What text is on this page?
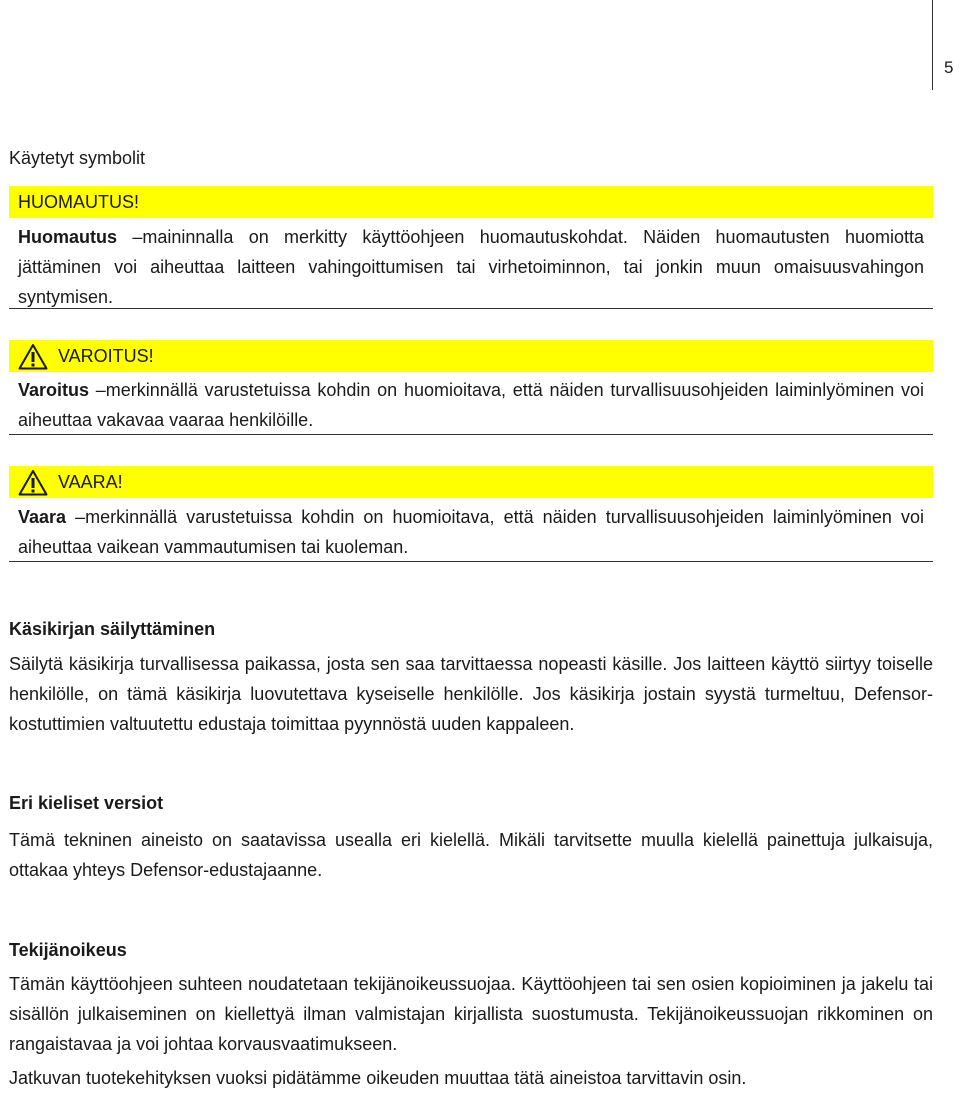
5
Käytetyt symbolit
HUOMAUTUS!
Huomautus –maininnalla on merkitty käyttöohjeen huomautuskohdat. Näiden huomautusten huomiotta jättäminen voi aiheuttaa laitteen vahingoittumisen tai virhetoiminnon, tai jonkin muun omaisuusvahingon syntymisen.
VAROITUS!
Varoitus –merkinnällä varustetuissa kohdin on huomioitava, että näiden turvallisuusohjeiden laiminlyöminen voi aiheuttaa vakavaa vaaraa henkilöille.
VAARA!
Vaara –merkinnällä varustetuissa kohdin on huomioitava, että näiden turvallisuusohjeiden laiminlyöminen voi aiheuttaa vaikean vammautumisen tai kuoleman.
Käsikirjan säilyttäminen

Säilytä käsikirja turvallisessa paikassa, josta sen saa tarvittaessa nopeasti käsille. Jos laitteen käyttö siirtyy toiselle henkilölle, on tämä käsikirja luovutettava kyseiselle henkilölle. Jos käsikirja jostain syystä turmeltuu, Defensor-kostuttimien valtuutettu edustaja toimittaa pyynnöstä uuden kappaleen.

Eri kieliset versiot

Tämä tekninen aineisto on saatavissa usealla eri kielellä. Mikäli tarvitsette muulla kielellä painettuja julkaisuja, ottakaa yhteys Defensor-edustajaanne.

Tekijänoikeus

Tämän käyttöohjeen suhteen noudatetaan tekijänoikeussuojaa. Käyttöohjeen tai sen osien kopioiminen ja jakelu tai sisällön julkaiseminen on kiellettyä ilman valmistajan kirjallista suostumusta. Tekijänoikeussuojan rikkominen on rangaistavaa ja voi johtaa korvausvaatimukseen.

Jatkuvan tuotekehityksen vuoksi pidätämme oikeuden muuttaa tätä aineistoa tarvittavin osin.
